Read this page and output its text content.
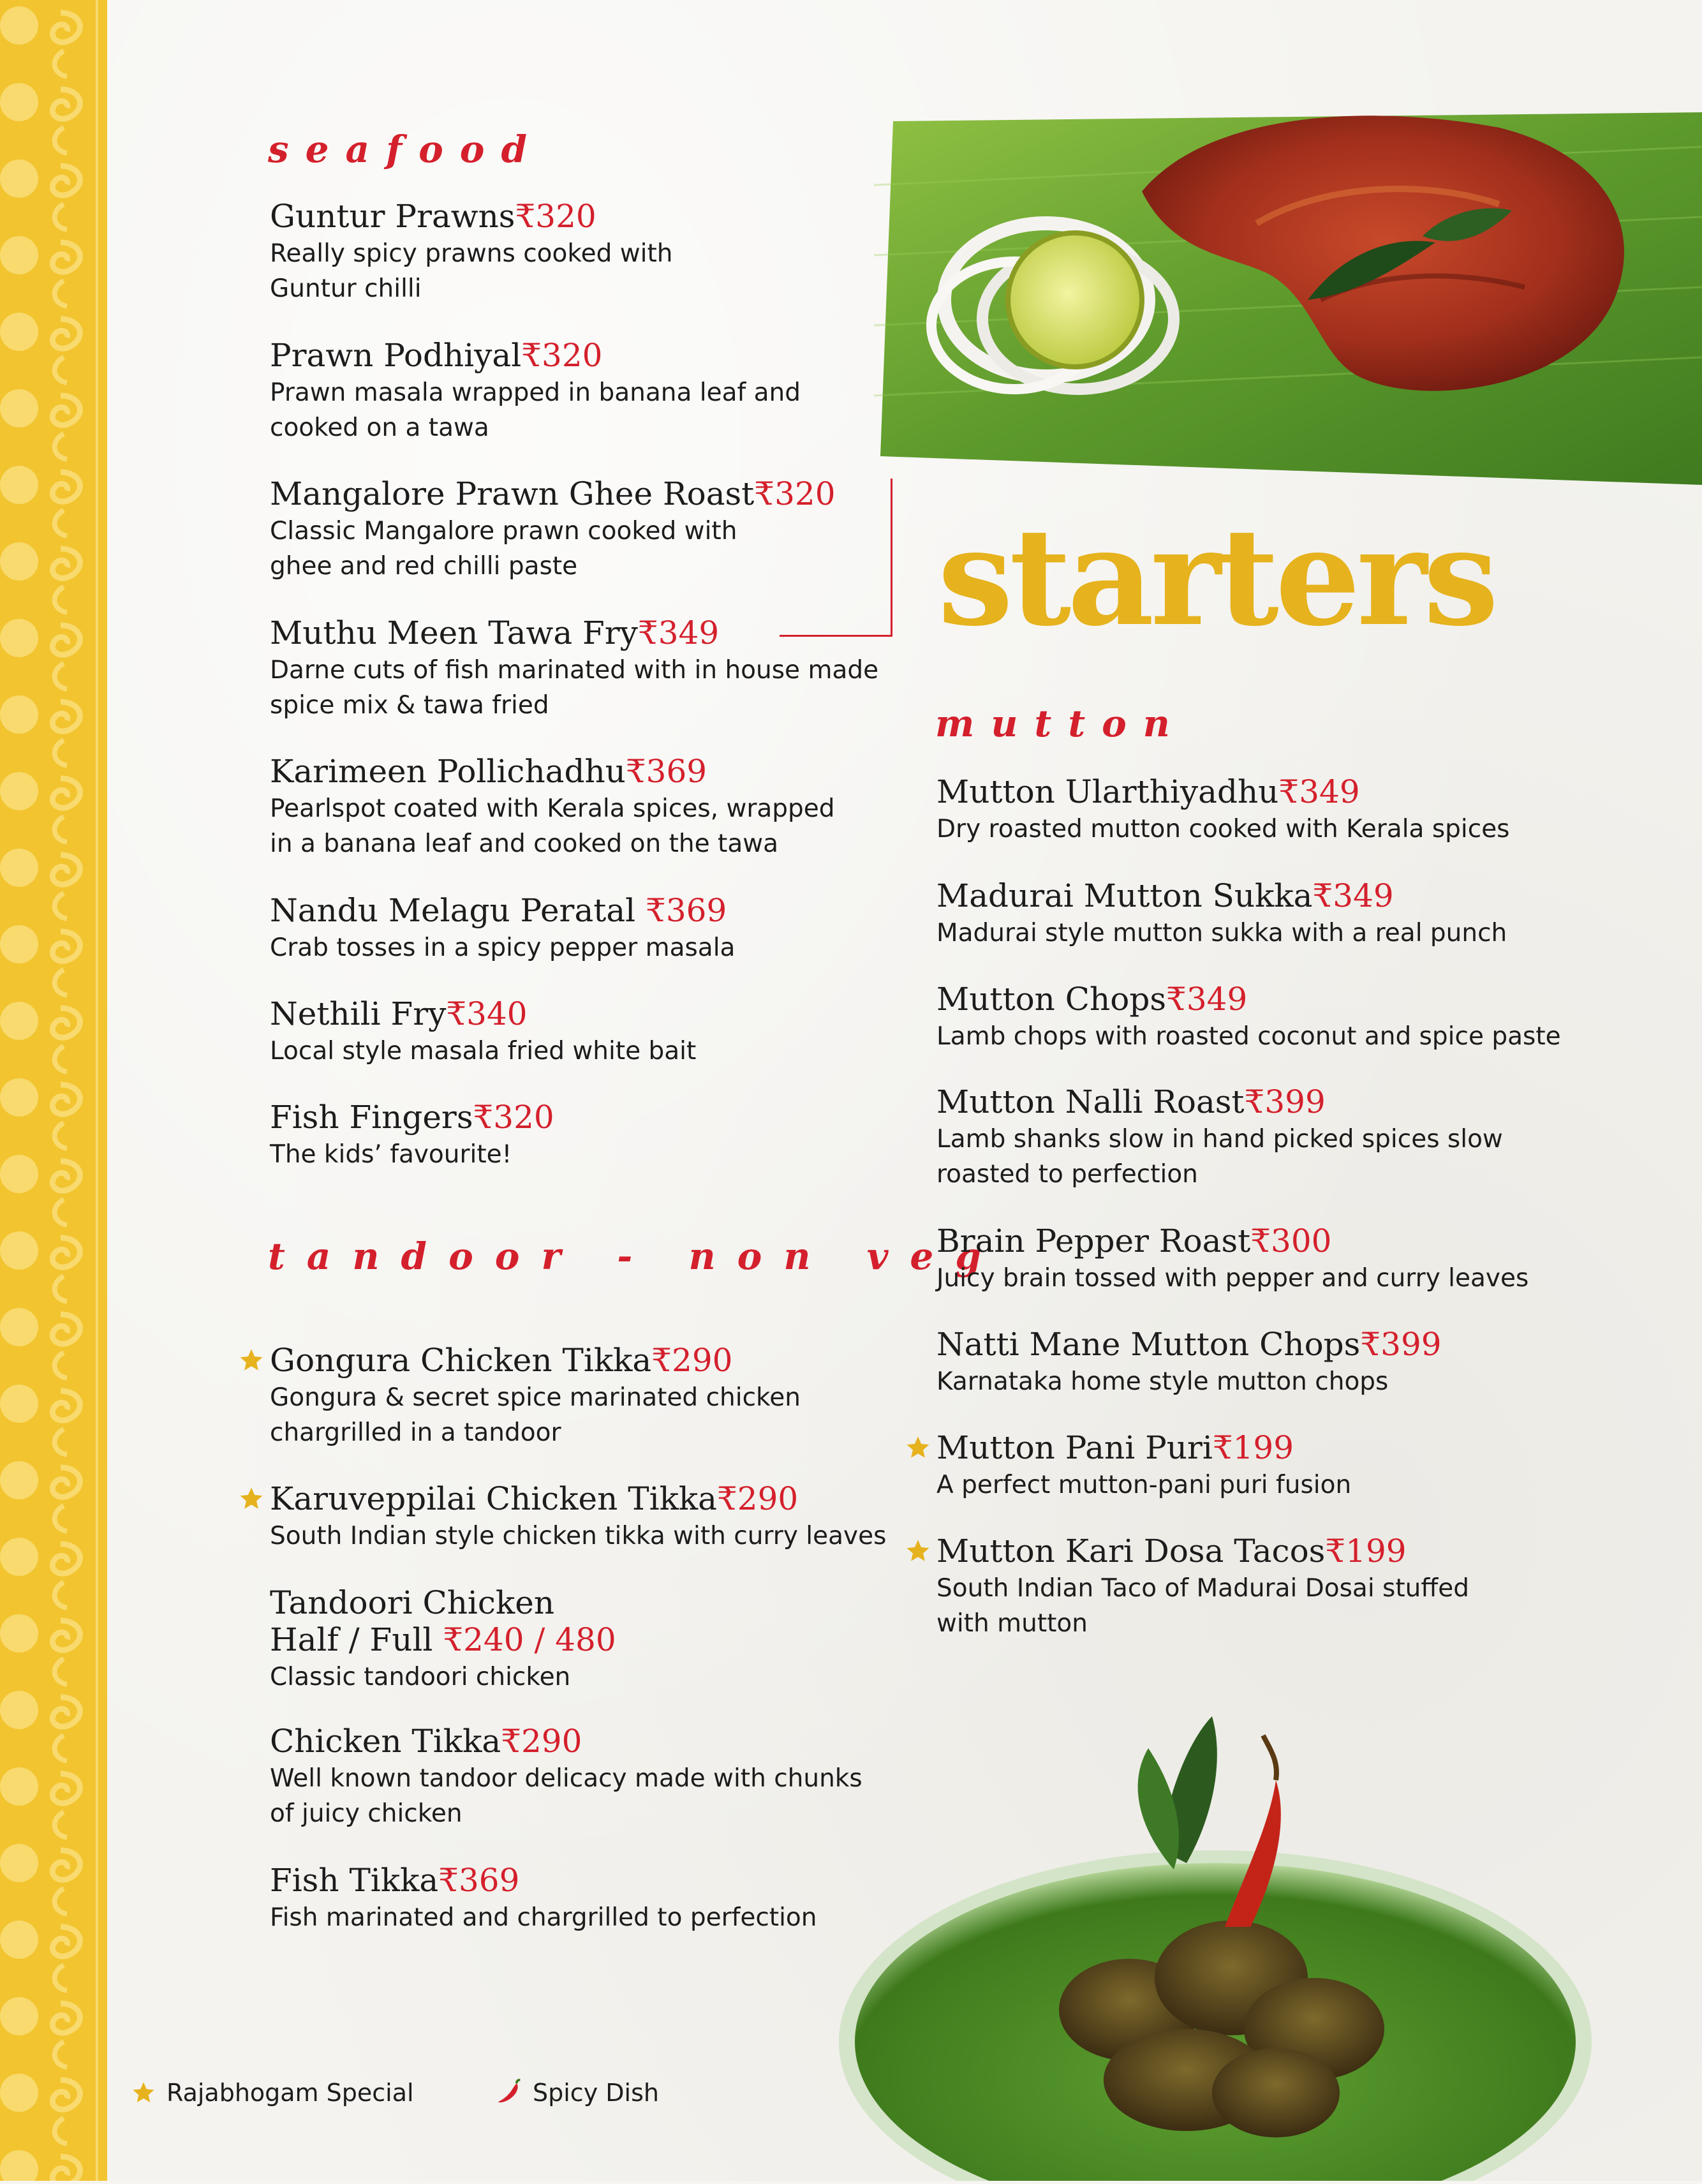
seafood
tandoor - non veg
mutton
starters
Guntur Prawns₹320
Really spicy prawns cooked with
Guntur chilli
Prawn Podhiyal₹320
Prawn masala wrapped in banana leaf and
cooked on a tawa
Mangalore Prawn Ghee Roast₹320
Classic Mangalore prawn cooked with
ghee and red chilli paste
Muthu Meen Tawa Fry₹349
Darne cuts of fish marinated with in house made
spice mix & tawa fried
Karimeen Pollichadhu₹369
Pearlspot coated with Kerala spices, wrapped
in a banana leaf and cooked on the tawa
Nandu Melagu Peratal ₹369
Crab tosses in a spicy pepper masala
Nethili Fry₹340
Local style masala fried white bait
Fish Fingers₹320
The kids’ favourite!
Gongura Chicken Tikka₹290
Gongura & secret spice marinated chicken
chargrilled in a tandoor
Karuveppilai Chicken Tikka₹290
South Indian style chicken tikka with curry leaves
Tandoori Chicken
Half / Full ₹240 / 480
Classic tandoori chicken
Chicken Tikka₹290
Well known tandoor delicacy made with chunks
of juicy chicken
Fish Tikka₹369
Fish marinated and chargrilled to perfection
Mutton Ularthiyadhu₹349
Dry roasted mutton cooked with Kerala spices
Madurai Mutton Sukka₹349
Madurai style mutton sukka with a real punch
Mutton Chops₹349
Lamb chops with roasted coconut and spice paste
Mutton Nalli Roast₹399
Lamb shanks slow in hand picked spices slow
roasted to perfection
Brain Pepper Roast₹300
Juicy brain tossed with pepper and curry leaves
Natti Mane Mutton Chops₹399
Karnataka home style mutton chops
Mutton Pani Puri₹199
A perfect mutton-pani puri fusion
Mutton Kari Dosa Tacos₹199
South Indian Taco of Madurai Dosai stuffed
with mutton
Rajabhogam Special	Spicy Dish
